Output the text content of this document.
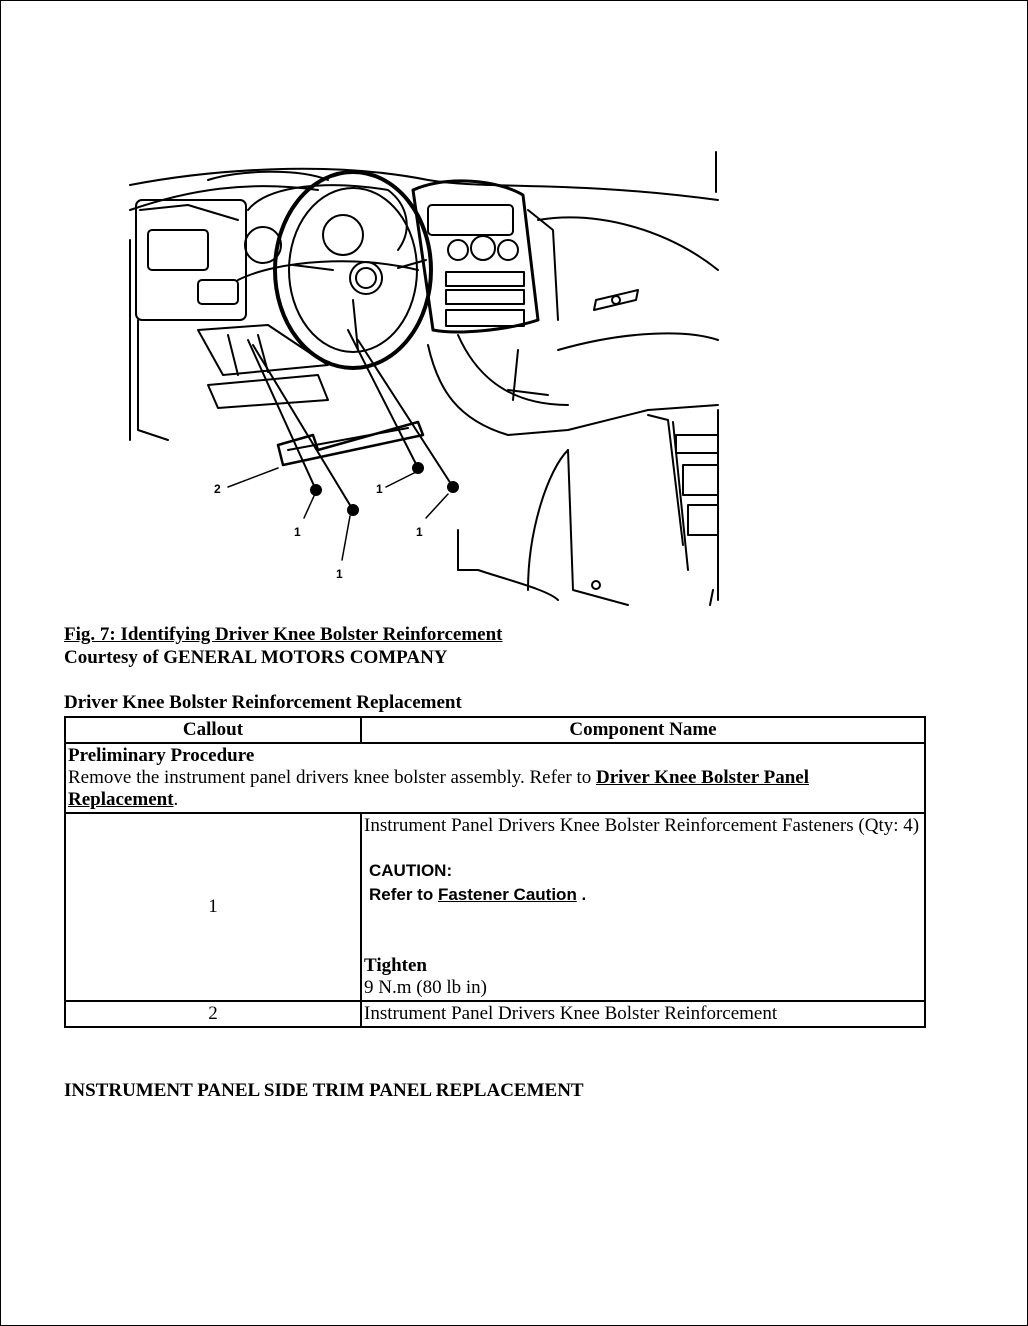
2
1
1
1
1
Fig. 7: Identifying Driver Knee Bolster Reinforcement
Courtesy of GENERAL MOTORS COMPANY
Driver Knee Bolster Reinforcement Replacement
Callout	Component Name

Preliminary Procedure
Remove the instrument panel drivers knee bolster assembly. Refer to Driver Knee Bolster Panel Replacement.	
1	Instrument Panel Drivers Knee Bolster Reinforcement Fasteners (Qty: 4)
CAUTION:
Refer to Fastener Caution .
Tighten
9 N.m (80 lb in)

2	Instrument Panel Drivers Knee Bolster Reinforcement
INSTRUMENT PANEL SIDE TRIM PANEL REPLACEMENT
